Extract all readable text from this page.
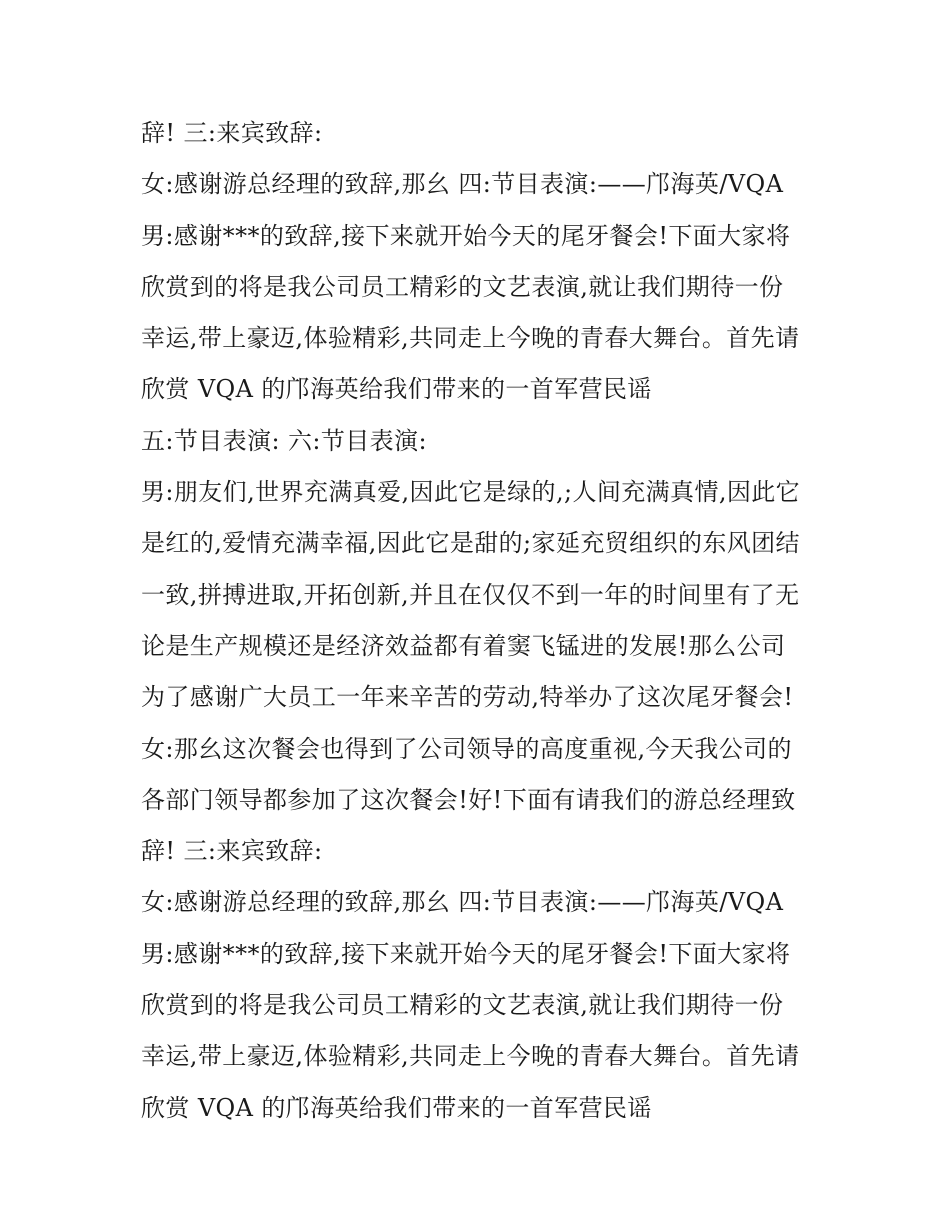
辞! 三:来宾致辞:
女:感谢游总经理的致辞,那幺 四:节目表演:——邝海英/VQA
男:感谢***的致辞,接下来就开始今天的尾牙餐会!下面大家将
欣赏到的将是我公司员工精彩的文艺表演,就让我们期待一份
幸运,带上豪迈,体验精彩,共同走上今晚的青春大舞台。首先请
欣赏 VQA 的邝海英给我们带来的一首军营民谣
五:节目表演: 六:节目表演:
男:朋友们,世界充满真爱,因此它是绿的,;人间充满真情,因此它
是红的,爱情充满幸福,因此它是甜的;家延充贸组织的东风团结
一致,拼搏进取,开拓创新,并且在仅仅不到一年的时间里有了无
论是生产规模还是经济效益都有着窦飞锰进的发展!那么公司
为了感谢广大员工一年来辛苦的劳动,特举办了这次尾牙餐会!
女:那幺这次餐会也得到了公司领导的高度重视,今天我公司的
各部门领导都参加了这次餐会!好!下面有请我们的游总经理致
辞! 三:来宾致辞:
女:感谢游总经理的致辞,那幺 四:节目表演:——邝海英/VQA
男:感谢***的致辞,接下来就开始今天的尾牙餐会!下面大家将
欣赏到的将是我公司员工精彩的文艺表演,就让我们期待一份
幸运,带上豪迈,体验精彩,共同走上今晚的青春大舞台。首先请
欣赏 VQA 的邝海英给我们带来的一首军营民谣
